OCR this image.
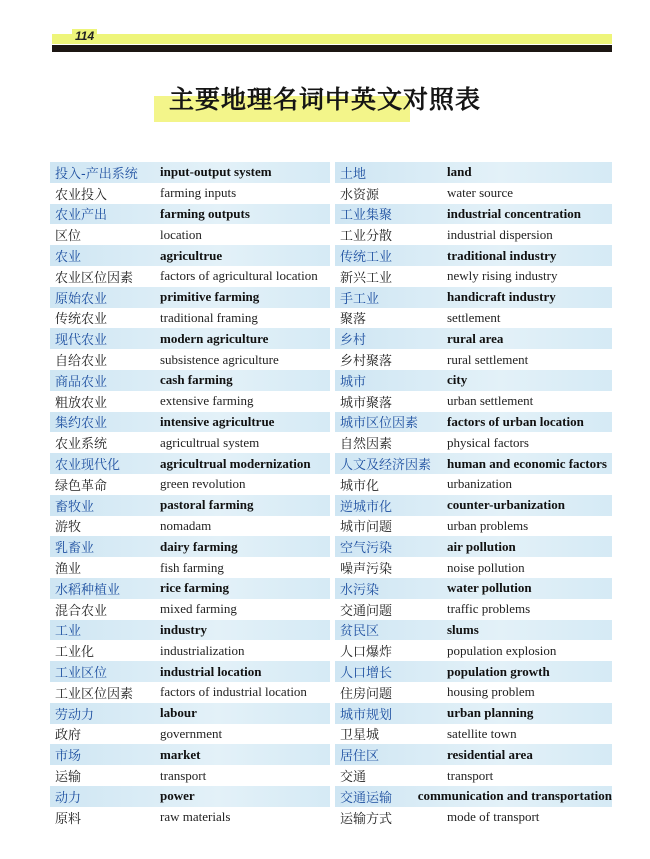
114
主要地理名词中英文对照表
投入-产出系统	input-output system
农业投入	farming inputs
农业产出	farming outputs
区位	location
农业	agricultrue
农业区位因素	factors of agricultural location
原始农业	primitive farming
传统农业	traditional framing
现代农业	modern agriculture
自给农业	subsistence agriculture
商品农业	cash farming
粗放农业	extensive farming
集约农业	intensive agricultrue
农业系统	agricultrual system
农业现代化	agricultrual modernization
绿色革命	green revolution
畜牧业	pastoral farming
游牧	nomadam
乳畜业	dairy farming
渔业	fish farming
水稻种植业	rice farming
混合农业	mixed farming
工业	industry
工业化	industrialization
工业区位	industrial location
工业区位因素	factors of industrial location
劳动力	labour
政府	government
市场	market
运输	transport
动力	power
原料	raw materials
土地	land
水资源	water source
工业集聚	industrial concentration
工业分散	industrial dispersion
传统工业	traditional industry
新兴工业	newly rising industry
手工业	handicraft industry
聚落	settlement
乡村	rural area
乡村聚落	rural settlement
城市	city
城市聚落	urban settlement
城市区位因素	factors of urban location
自然因素	physical factors
人文及经济因素	human and economic factors
城市化	urbanization
逆城市化	counter-urbanization
城市问题	urban problems
空气污染	air pollution
噪声污染	noise pollution
水污染	water pollution
交通问题	traffic problems
贫民区	slums
人口爆炸	population explosion
人口增长	population growth
住房问题	housing problem
城市规划	urban planning
卫星城	satellite town
居住区	residential area
交通	transport
交通运输	communication and transportation
运输方式	mode of transport
